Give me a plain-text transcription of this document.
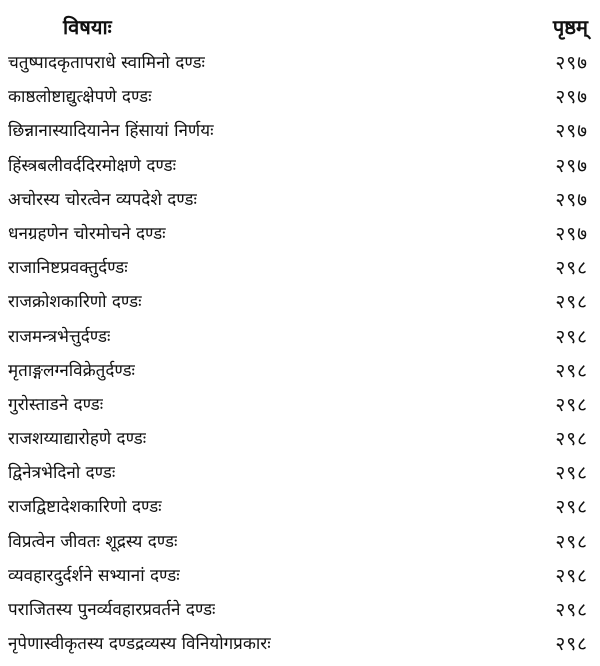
विषयाः	पृष्ठम्
चतुष्पादकृतापराधे स्वामिनो दण्डः	२९७
काष्ठलोष्टाद्युत्क्षेपणे दण्डः	२९७
छिन्नानास्यादियानेन हिंसायां निर्णयः	२९७
हिंस्त्रबलीवर्ददिरमोक्षणे दण्डः	२९७
अचोरस्य चोरत्वेन व्यपदेशे दण्डः	२९७
धनग्रहणेन चोरमोचने दण्डः	२९७
राजानिष्टप्रवक्तुर्दण्डः	२९८
राजक्रोशकारिणो दण्डः	२९८
राजमन्त्रभेत्तुर्दण्डः	२९८
मृताङ्गलग्नविक्रेतुर्दण्डः	२९८
गुरोस्ताडने दण्डः	२९८
राजशय्याद्यारोहणे दण्डः	२९८
द्विनेत्रभेदिनो दण्डः	२९८
राजद्विष्टादेशकारिणो दण्डः	२९८
विप्रत्वेन जीवतः शूद्रस्य दण्डः	२९८
व्यवहारदुर्दर्शने सभ्यानां दण्डः	२९८
पराजितस्य पुनर्व्यवहारप्रवर्तने दण्डः	२९८
नृपेणास्वीकृतस्य दण्डद्रव्यस्य विनियोगप्रकारः	२९८
